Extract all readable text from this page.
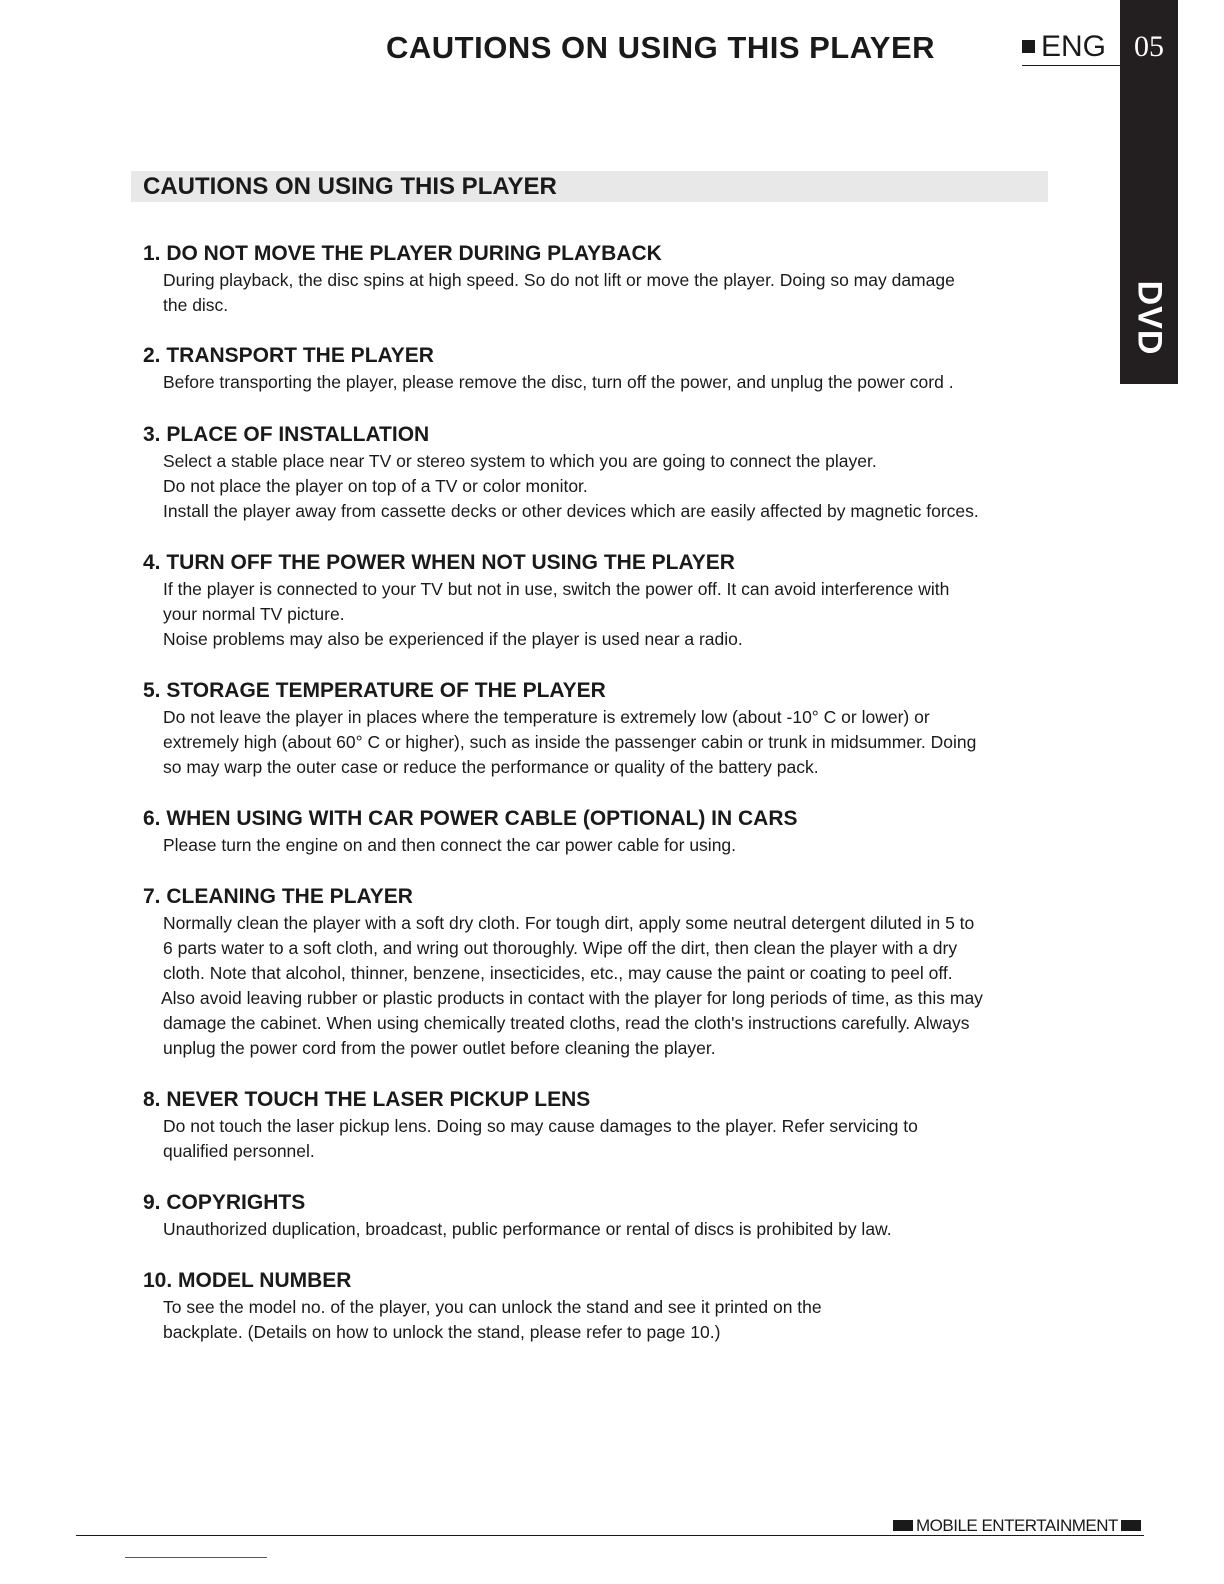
CAUTIONS ON USING THIS PLAYER	ENG 05
DVD
CAUTIONS ON USING THIS PLAYER
1. DO NOT MOVE THE PLAYER DURING PLAYBACK
During playback, the disc spins at high speed. So do not lift or move the player. Doing so may damage
the disc.
2. TRANSPORT THE PLAYER
Before transporting the player, please remove the disc, turn off the power, and unplug the power cord .
3. PLACE OF INSTALLATION
Select a stable place near TV or stereo system to which you are going to connect the player.
Do not place the player on top of a TV or color monitor.
Install the player away from cassette decks or other devices which are easily affected by magnetic forces.
4. TURN OFF THE POWER WHEN NOT USING THE PLAYER
If the player is connected to your TV but not in use, switch the power off. It can avoid interference with
your normal TV picture.
Noise problems may also be experienced if the player is used near a radio.
5. STORAGE TEMPERATURE OF THE PLAYER
Do not leave the player in places where the temperature is extremely low (about -10° C or lower) or
extremely high (about 60° C or higher), such as inside the passenger cabin or trunk in midsummer. Doing
so may warp the outer case or reduce the performance or quality of the battery pack.
6. WHEN USING WITH CAR POWER CABLE (OPTIONAL) IN CARS
Please turn the engine on and then connect the car power cable for using.
7. CLEANING THE PLAYER
Normally clean the player with a soft dry cloth. For tough dirt, apply some neutral detergent diluted in 5 to
6 parts water to a soft cloth, and wring out thoroughly. Wipe off the dirt, then clean the player with a dry
cloth. Note that alcohol, thinner, benzene, insecticides, etc., may cause the paint or coating to peel off.
Also avoid leaving rubber or plastic products in contact with the player for long periods of time, as this may
damage the cabinet. When using chemically treated cloths, read the cloth's instructions carefully. Always
unplug the power cord from the power outlet before cleaning the player.
8. NEVER TOUCH THE LASER PICKUP LENS
Do not touch the laser pickup lens. Doing so may cause damages to the player. Refer servicing to
qualified personnel.
9. COPYRIGHTS
Unauthorized duplication, broadcast, public performance or rental of discs is prohibited by law.
10. MODEL NUMBER
To see the model no. of the player, you can unlock the stand and see it printed on the
backplate. (Details on how to unlock the stand, please refer to page 10.)
MOBILE ENTERTAINMENT
